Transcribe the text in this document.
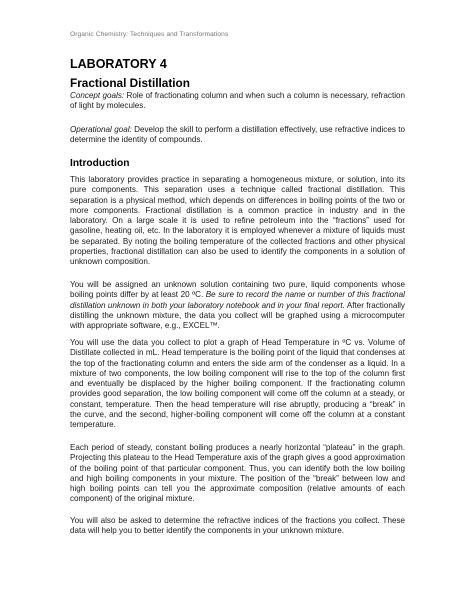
Organic Chemistry: Techniques and Transformations
LABORATORY 4
Fractional Distillation
Concept goals: Role of fractionating column and when such a column is necessary, refraction of light by molecules.
Operational goal: Develop the skill to perform a distillation effectively, use refractive indices to determine the identity of compounds.
Introduction
This laboratory provides practice in separating a homogeneous mixture, or solution, into its pure components. This separation uses a technique called fractional distillation. This separation is a physical method, which depends on differences in boiling points of the two or more components. Fractional distillation is a common practice in industry and in the laboratory. On a large scale it is used to refine petroleum into the “fractions” used for gasoline, heating oil, etc. In the laboratory it is employed whenever a mixture of liquids must be separated. By noting the boiling temperature of the collected fractions and other physical properties, fractional distillation can also be used to identify the components in a solution of unknown composition.
You will be assigned an unknown solution containing two pure, liquid components whose boiling points differ by at least 20 ºC. Be sure to record the name or number of this fractional distillation unknown in both your laboratory notebook and in your final report. After fractionally distilling the unknown mixture, the data you collect will be graphed using a microcomputer with appropriate software, e.g., EXCEL™.
You will use the data you collect to plot a graph of Head Temperature in ºC vs. Volume of Distillate collected in mL. Head temperature is the boiling point of the liquid that condenses at the top of the fractionating column and enters the side arm of the condenser as a liquid. In a mixture of two components, the low boiling component will rise to the top of the column first and eventually be displaced by the higher boiling component. If the fractionating column provides good separation, the low boiling component will come off the column at a steady, or constant, temperature. Then the head temperature will rise abruptly, producing a “break” in the curve, and the second, higher-boiling component will come off the column at a constant temperature.
Each period of steady, constant boiling produces a nearly horizontal “plateau” in the graph. Projecting this plateau to the Head Temperature axis of the graph gives a good approximation of the boiling point of that particular component. Thus, you can identify both the low boiling and high boiling components in your mixture. The position of the “break” between low and high boiling points can tell you the approximate composition (relative amounts of each component) of the original mixture.
You will also be asked to determine the refractive indices of the fractions you collect. These data will help you to better identify the components in your unknown mixture.
